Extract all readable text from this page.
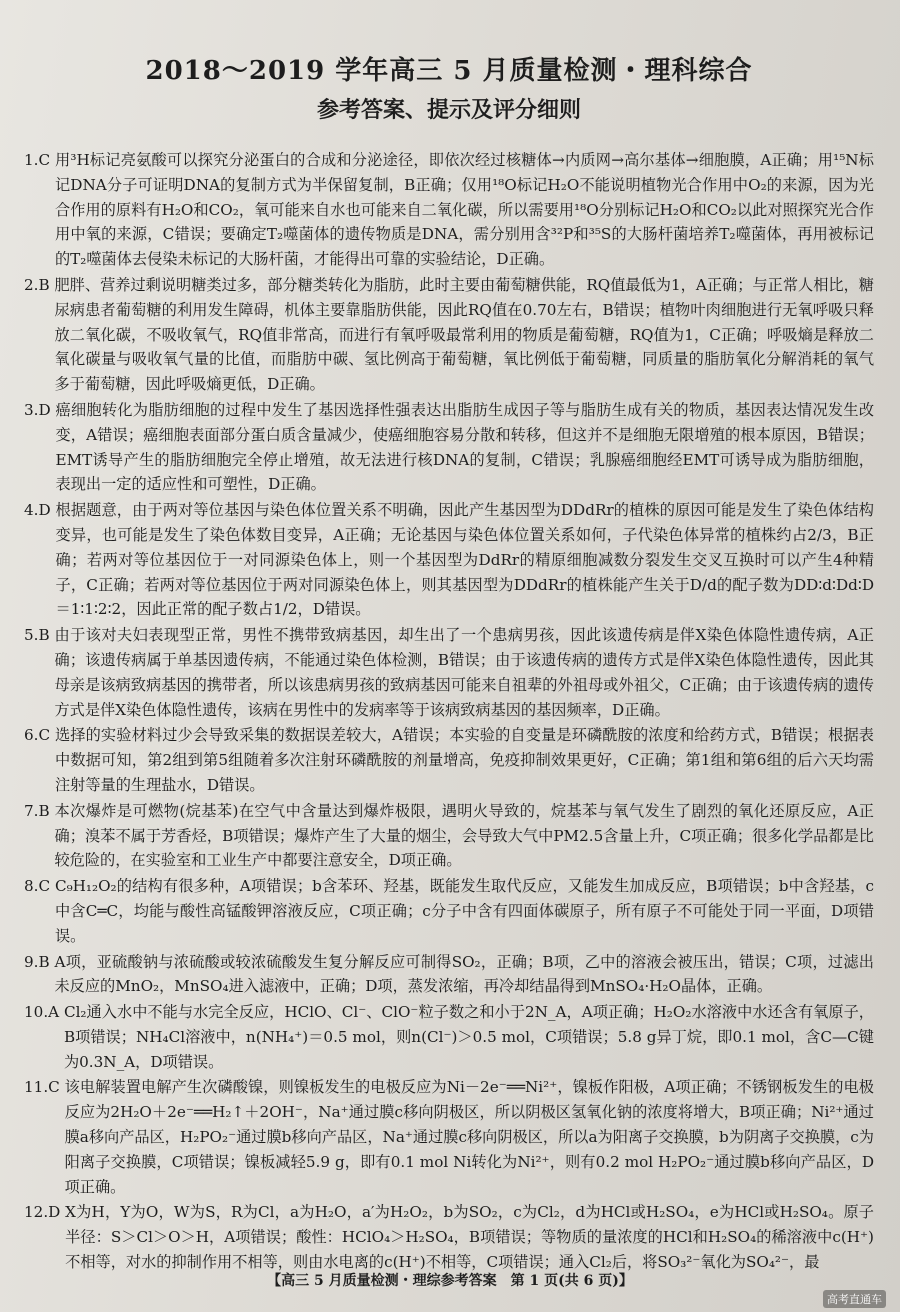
2018～2019 学年高三 5 月质量检测・理科综合
参考答案、提示及评分细则
1.C 用³H标记亮氨酸可以探究分泌蛋白的合成和分泌途径，即依次经过核糖体→内质网→高尔基体→细胞膜，A正确；用¹⁵N标记DNA分子可证明DNA的复制方式为半保留复制，B正确；仅用¹⁸O标记H₂O不能说明植物光合作用中O₂的来源，因为光合作用的原料有H₂O和CO₂，氧可能来自水也可能来自二氧化碳，所以需要用¹⁸O分别标记H₂O和CO₂以此对照探究光合作用中氧的来源，C错误；要确定T₂噬菌体的遗传物质是DNA，需分别用含³²P和³⁵S的大肠杆菌培养T₂噬菌体，再用被标记的T₂噬菌体去侵染未标记的大肠杆菌，才能得出可靠的实验结论，D正确。
2.B 肥胖、营养过剩说明糖类过多，部分糖类转化为脂肪，此时主要由葡萄糖供能，RQ值最低为1，A正确；与正常人相比，糖尿病患者葡萄糖的利用发生障碍，机体主要靠脂肪供能，因此RQ值在0.70左右，B错误；植物叶肉细胞进行无氧呼吸只释放二氧化碳，不吸收氧气，RQ值非常高，而进行有氧呼吸最常利用的物质是葡萄糖，RQ值为1，C正确；呼吸熵是释放二氧化碳量与吸收氧气量的比值，而脂肪中碳、氢比例高于葡萄糖，氧比例低于葡萄糖，同质量的脂肪氧化分解消耗的氧气多于葡萄糖，因此呼吸熵更低，D正确。
3.D 癌细胞转化为脂肪细胞的过程中发生了基因选择性强表达出脂肪生成因子等与脂肪生成有关的物质，基因表达情况发生改变，A错误；癌细胞表面部分蛋白质含量减少，使癌细胞容易分散和转移，但这并不是细胞无限增殖的根本原因，B错误；EMT诱导产生的脂肪细胞完全停止增殖，故无法进行核DNA的复制，C错误；乳腺癌细胞经EMT可诱导成为脂肪细胞，表现出一定的适应性和可塑性，D正确。
4.D 根据题意，由于两对等位基因与染色体位置关系不明确，因此产生基因型为DDdRr的植株的原因可能是发生了染色体结构变异，也可能是发生了染色体数目变异，A正确；无论基因与染色体位置关系如何，子代染色体异常的植株约占2/3，B正确；若两对等位基因位于一对同源染色体上，则一个基因型为DdRr的精原细胞减数分裂发生交叉互换时可以产生4种精子，C正确；若两对等位基因位于两对同源染色体上，则其基因型为DDdRr的植株能产生关于D/d的配子数为DD∶d∶Dd∶D＝1∶1∶2∶2，因此正常的配子数占1/2，D错误。
5.B 由于该对夫妇表现型正常，男性不携带致病基因，却生出了一个患病男孩，因此该遗传病是伴X染色体隐性遗传病，A正确；该遗传病属于单基因遗传病，不能通过染色体检测，B错误；由于该遗传病的遗传方式是伴X染色体隐性遗传，因此其母亲是该病致病基因的携带者，所以该患病男孩的致病基因可能来自祖辈的外祖母或外祖父，C正确；由于该遗传病的遗传方式是伴X染色体隐性遗传，该病在男性中的发病率等于该病致病基因的基因频率，D正确。
6.C 选择的实验材料过少会导致采集的数据误差较大，A错误；本实验的自变量是环磷酰胺的浓度和给药方式，B错误；根据表中数据可知，第2组到第5组随着多次注射环磷酰胺的剂量增高，免疫抑制效果更好，C正确；第1组和第6组的后六天均需注射等量的生理盐水，D错误。
7.B 本次爆炸是可燃物(烷基苯)在空气中含量达到爆炸极限，遇明火导致的，烷基苯与氧气发生了剧烈的氧化还原反应，A正确；溴苯不属于芳香烃，B项错误；爆炸产生了大量的烟尘，会导致大气中PM2.5含量上升，C项正确；很多化学品都是比较危险的，在实验室和工业生产中都要注意安全，D项正确。
8.C C₉H₁₂O₂的结构有很多种，A项错误；b含苯环、羟基，既能发生取代反应，又能发生加成反应，B项错误；b中含羟基，c中含C═C，均能与酸性高锰酸钾溶液反应，C项正确；c分子中含有四面体碳原子，所有原子不可能处于同一平面，D项错误。
9.B A项，亚硫酸钠与浓硫酸或较浓硫酸发生复分解反应可制得SO₂，正确；B项，乙中的溶液会被压出，错误；C项，过滤出未反应的MnO₂，MnSO₄进入滤液中，正确；D项，蒸发浓缩，再冷却结晶得到MnSO₄·H₂O晶体，正确。
10.A Cl₂通入水中不能与水完全反应，HClO、Cl⁻、ClO⁻粒子数之和小于2N_A，A项正确；H₂O₂水溶液中水还含有氧原子，B项错误；NH₄Cl溶液中，n(NH₄⁺)＝0.5 mol，则n(Cl⁻)＞0.5 mol，C项错误；5.8 g异丁烷，即0.1 mol，含C—C键为0.3N_A，D项错误。
11.C 该电解装置电解产生次磷酸镍，则镍板发生的电极反应为Ni－2e⁻══Ni²⁺，镍板作阳极，A项正确；不锈钢板发生的电极反应为2H₂O＋2e⁻══H₂↑＋2OH⁻，Na⁺通过膜c移向阴极区，所以阴极区氢氧化钠的浓度将增大，B项正确；Ni²⁺通过膜a移向产品区，H₂PO₂⁻通过膜b移向产品区，Na⁺通过膜c移向阴极区，所以a为阳离子交换膜，b为阴离子交换膜，c为阳离子交换膜，C项错误；镍板减轻5.9 g，即有0.1 mol Ni转化为Ni²⁺，则有0.2 mol H₂PO₂⁻通过膜b移向产品区，D项正确。
12.D X为H，Y为O，W为S，R为Cl，a为H₂O，a′为H₂O₂，b为SO₂，c为Cl₂，d为HCl或H₂SO₄，e为HCl或H₂SO₄。原子半径：S＞Cl＞O＞H，A项错误；酸性：HClO₄＞H₂SO₄，B项错误；等物质的量浓度的HCl和H₂SO₄的稀溶液中c(H⁺)不相等，对水的抑制作用不相等，则由水电离的c(H⁺)不相等，C项错误；通入Cl₂后，将SO₃²⁻氧化为SO₄²⁻，最
【高三 5 月质量检测・理综参考答案　第 1 页(共 6 页)】
高考直通车
